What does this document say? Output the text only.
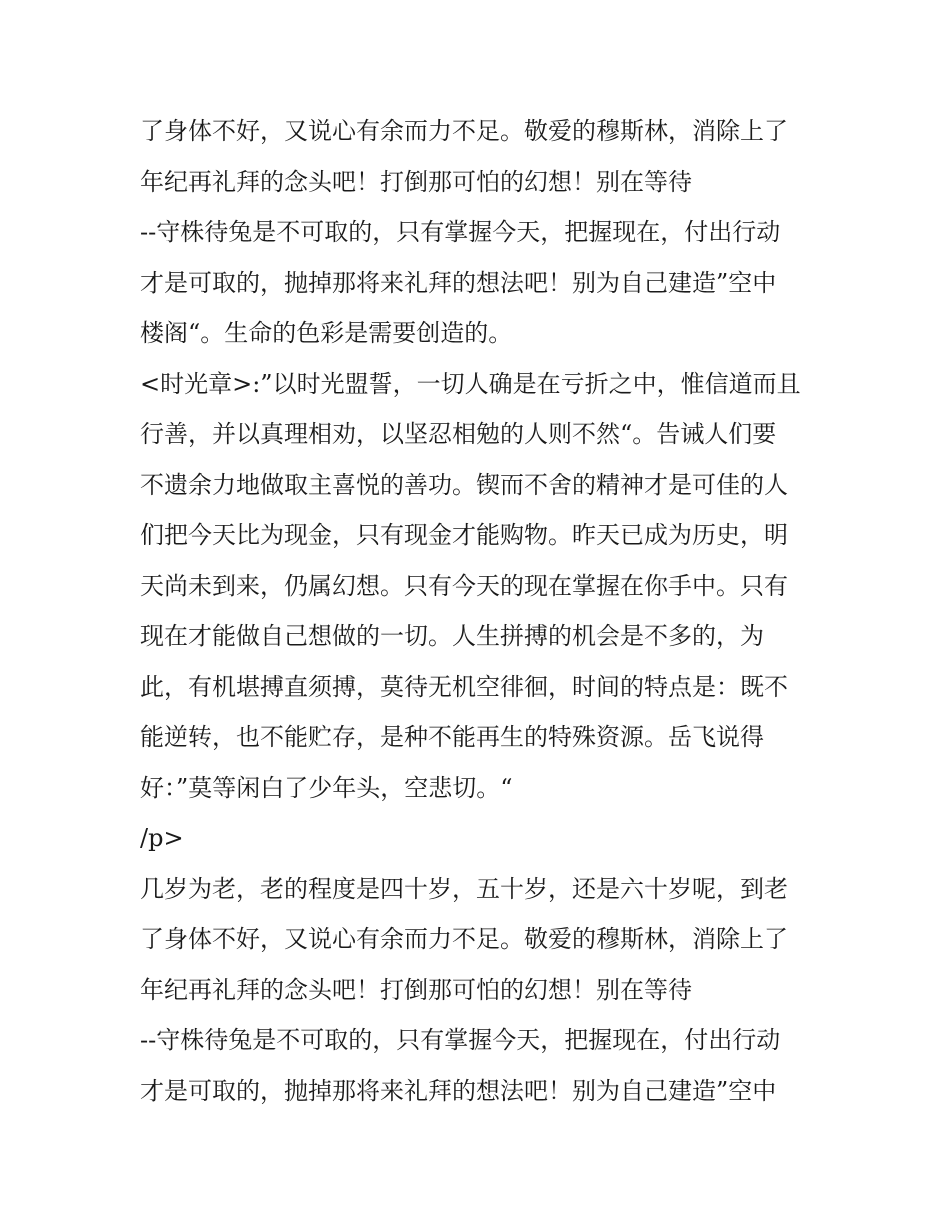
了身体不好，又说心有余而力不足。敬爱的穆斯林，消除上了
年纪再礼拜的念头吧！打倒那可怕的幻想！别在等待
--守株待兔是不可取的，只有掌握今天，把握现在，付出行动
才是可取的，抛掉那将来礼拜的想法吧！别为自己建造”空中
楼阁“。生命的色彩是需要创造的。
<时光章>:”以时光盟誓，一切人确是在亏折之中，惟信道而且
行善，并以真理相劝，以坚忍相勉的人则不然“。告诫人们要
不遗余力地做取主喜悦的善功。锲而不舍的精神才是可佳的人
们把今天比为现金，只有现金才能购物。昨天已成为历史，明
天尚未到来，仍属幻想。只有今天的现在掌握在你手中。只有
现在才能做自己想做的一切。人生拼搏的机会是不多的，为
此，有机堪搏直须搏，莫待无机空徘徊，时间的特点是：既不
能逆转，也不能贮存，是种不能再生的特殊资源。岳飞说得
好：”莫等闲白了少年头，空悲切。“
/p>
几岁为老，老的程度是四十岁，五十岁，还是六十岁呢，到老
了身体不好，又说心有余而力不足。敬爱的穆斯林，消除上了
年纪再礼拜的念头吧！打倒那可怕的幻想！别在等待
--守株待兔是不可取的，只有掌握今天，把握现在，付出行动
才是可取的，抛掉那将来礼拜的想法吧！别为自己建造”空中
